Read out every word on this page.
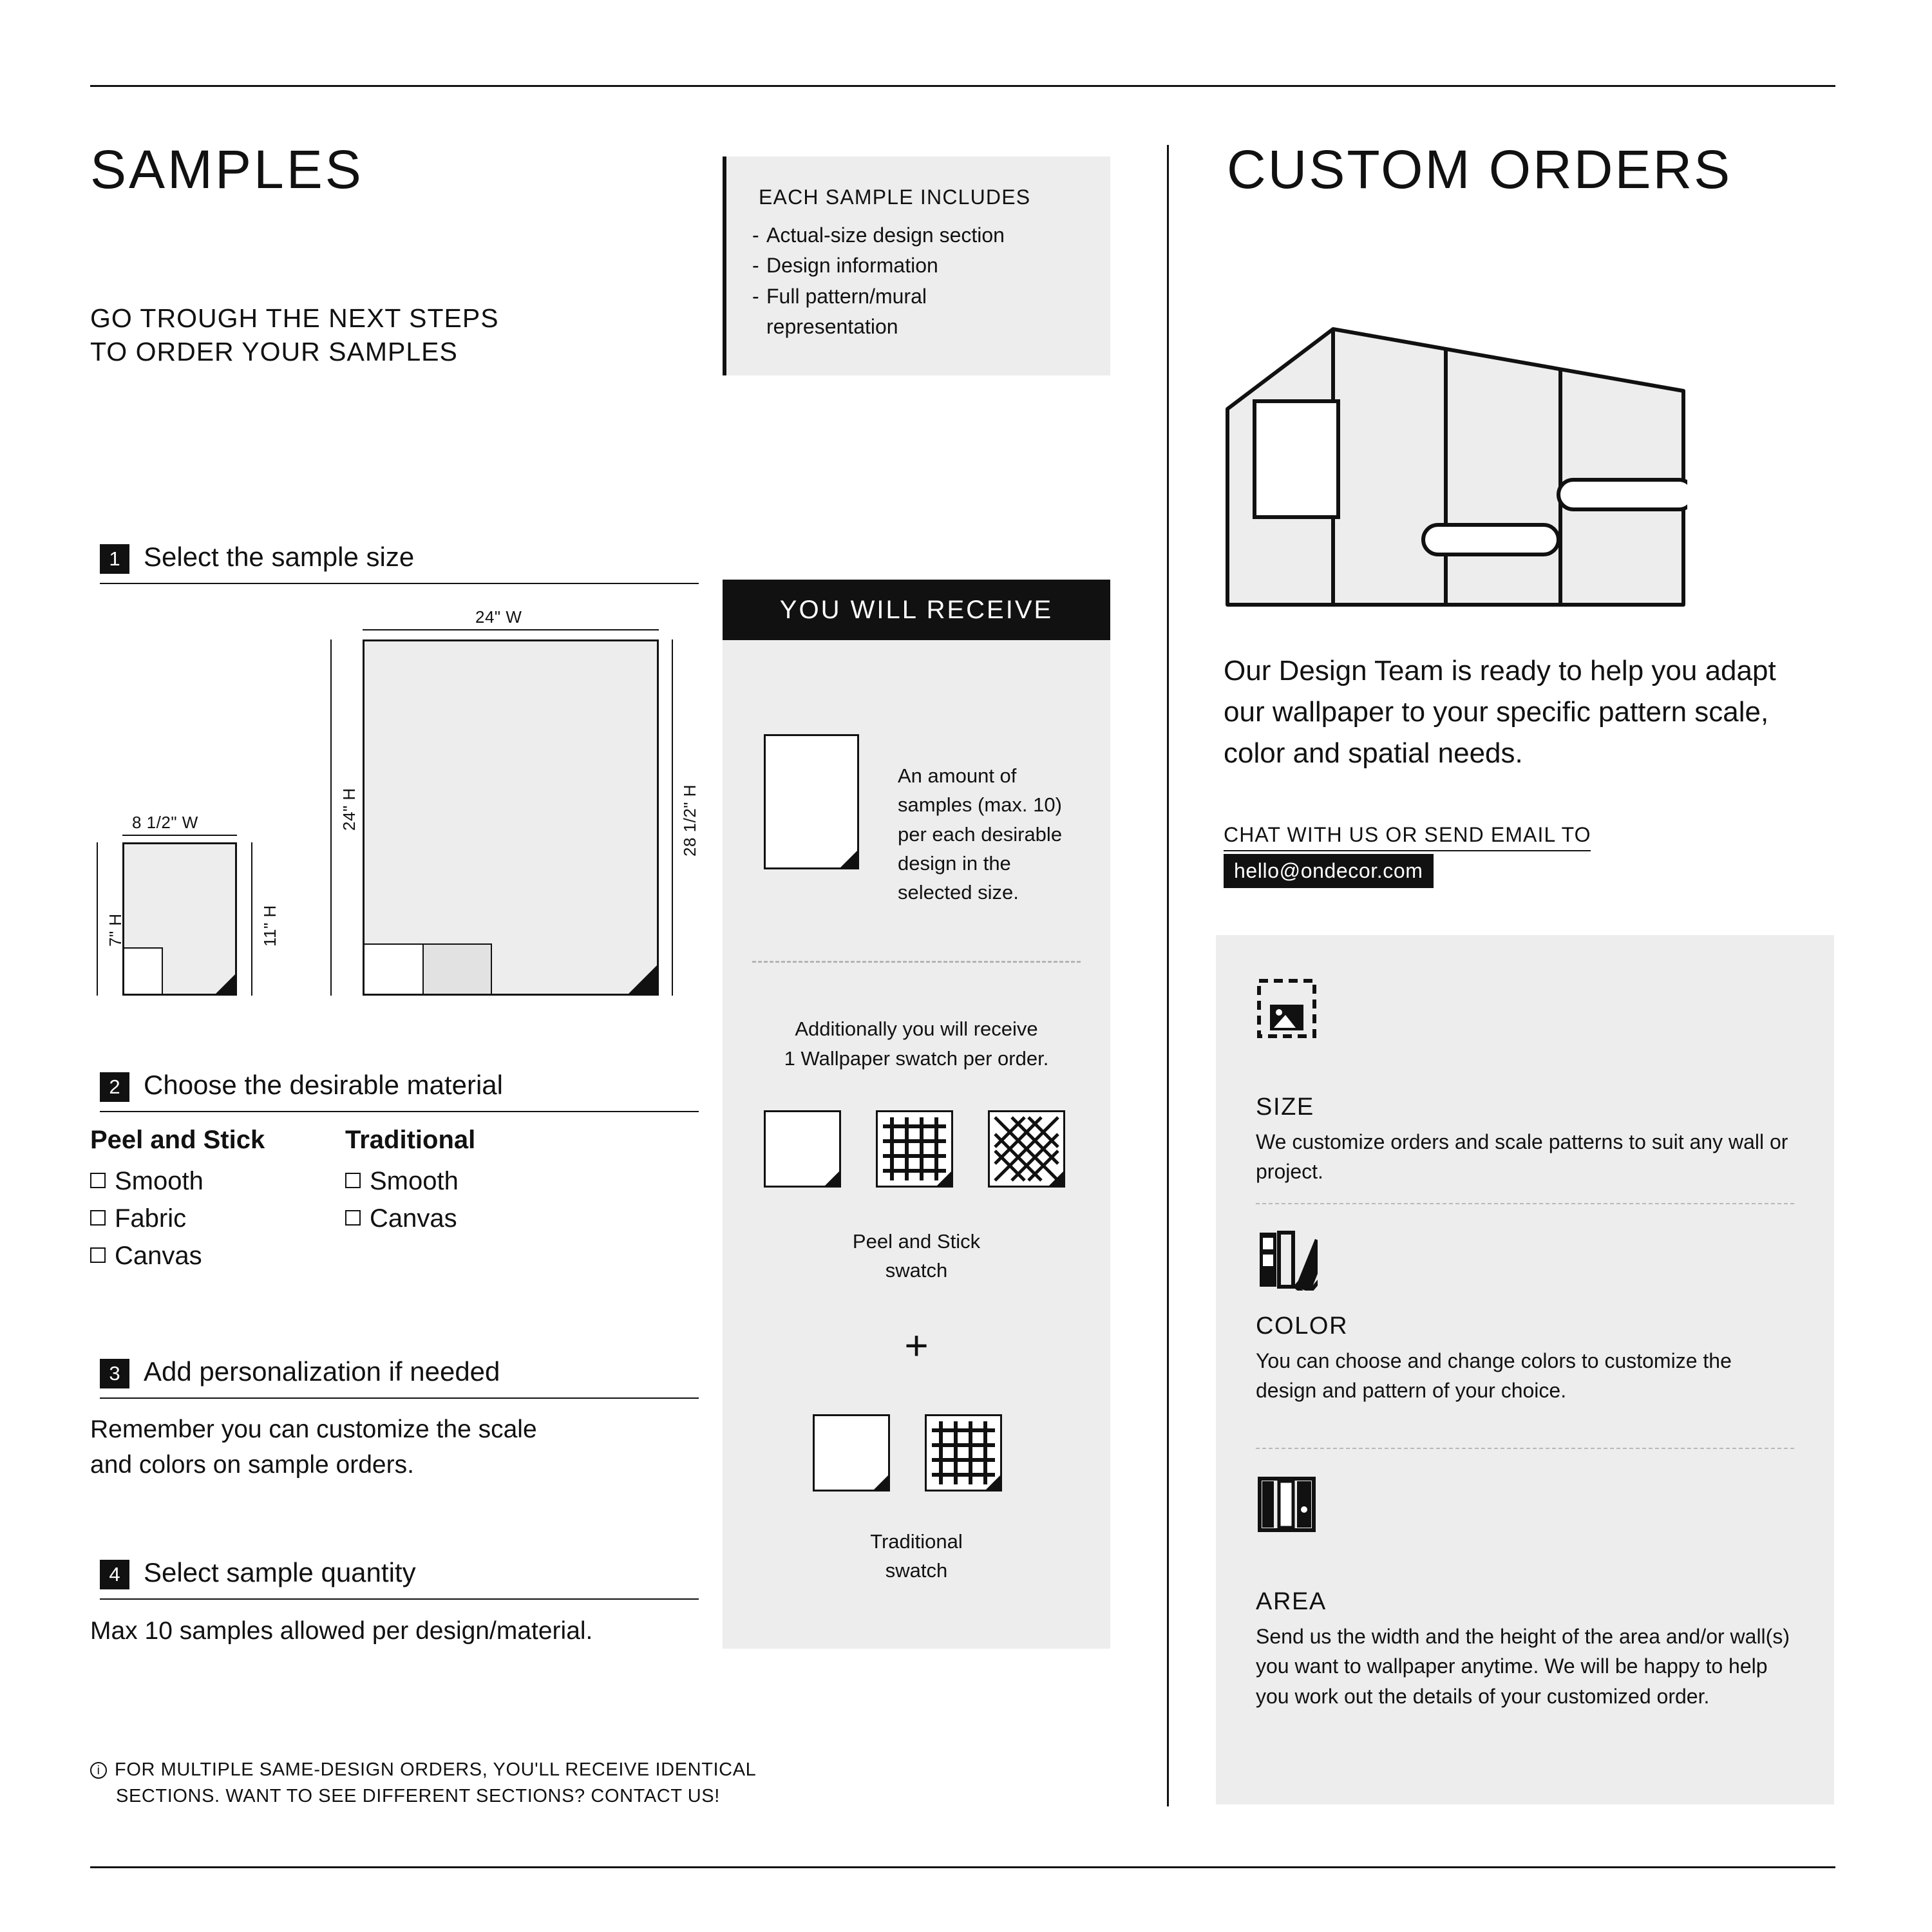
SAMPLES
GO TROUGH THE NEXT STEPS
TO ORDER YOUR SAMPLES
EACH SAMPLE INCLUDES
- Actual-size design section
- Design information
- Full pattern/mural representation
1 Select the sample size
8 1/2" W
7" H	11" H
24" W
24" H	28 1/2" H
2 Choose the desirable material
Peel and Stick	Traditional
Smooth
Fabric
Canvas
Smooth
Canvas
3 Add personalization if needed
Remember you can customize the scale
and colors on sample orders.
4 Select sample quantity
Max 10 samples allowed per design/material.
i FOR MULTIPLE SAME-DESIGN ORDERS, YOU'LL RECEIVE IDENTICAL
SECTIONS. WANT TO SEE DIFFERENT SECTIONS? CONTACT US!
YOU WILL RECEIVE
An amount of samples (max. 10) per each desirable design in the selected size.
Additionally you will receive
1 Wallpaper swatch per order.
Peel and Stick
swatch
+
Traditional
swatch
CUSTOM ORDERS
Our Design Team is ready to help you adapt our wallpaper to your specific pattern scale, color and spatial needs.
CHAT WITH US OR SEND EMAIL TO
hello@ondecor.com
SIZE
We customize orders and scale patterns to suit any wall or project.
COLOR
You can choose and change colors to customize the design and pattern of your choice.
AREA
Send us the width and the height of the area and/or wall(s) you want to wallpaper anytime. We will be happy to help you work out the details of your customized order.
